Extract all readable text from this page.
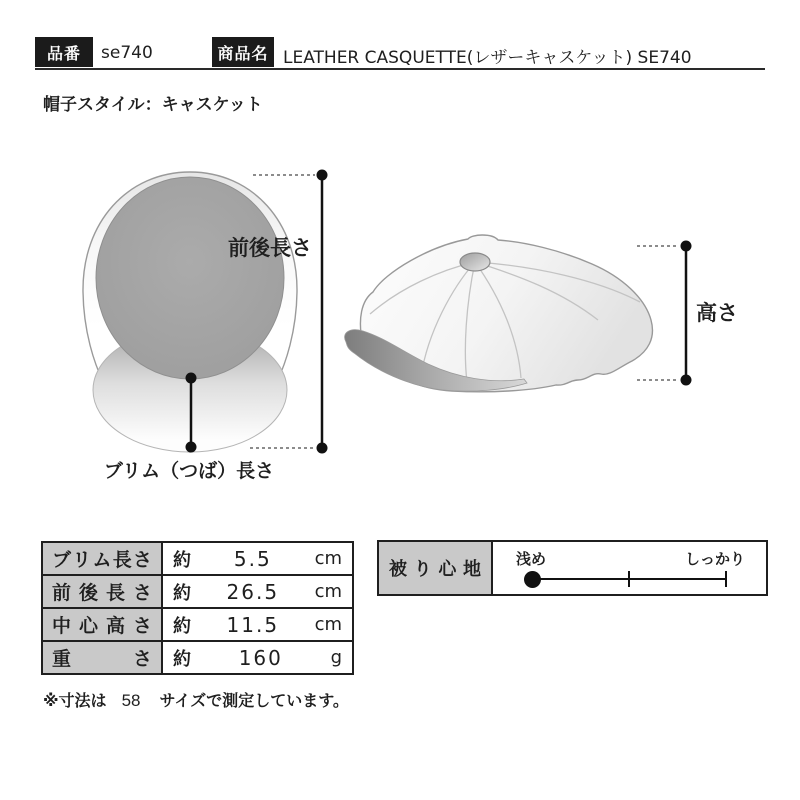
前後長さ
ブリム（つば）長さ
高さ
品番	se740	商品名 LEATHER CASQUETTE(レザーキャスケット) SE740
帽子スタイル：キャスケット
ブ リ ム 長 さ	約 5.5 cm

前 後 長 さ	約 26.5 cm

中 心 高 さ	約 11.5 cm

重 さ	約 160 g
被 り 心 地 浅め	しっかり
※寸法は 58 サイズで測定しています。
